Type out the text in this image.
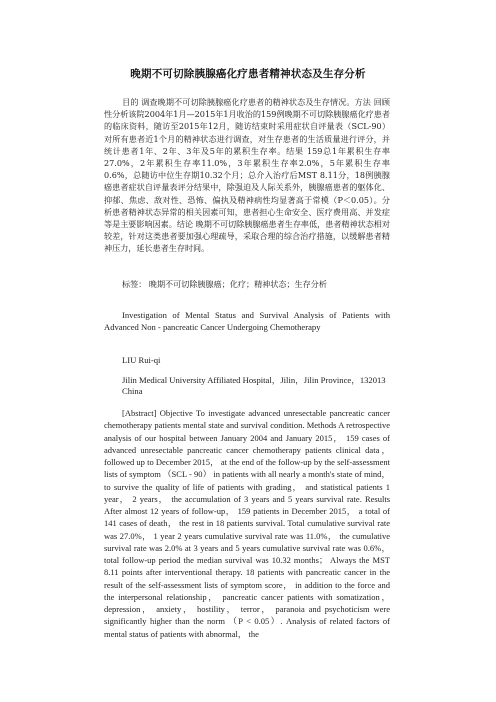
晚期不可切除胰腺癌化疗患者精神状态及生存分析

目的 调查晚期不可切除胰腺癌化疗患者的精神状态及生存情况。方法 回顾性分析该院2004年1月—2015年1月收治的159例晚期不可切除胰腺癌化疗患者的临床资料，随访至2015年12月，随访结束时采用症状自评量表（SCL-90）对所有患者近1个月的精神状态进行调查，对生存患者的生活质量进行评分，并统计患者1年、2年、3年及5年的累积生存率。结果 159总1年累积生存率27.0%，2年累积生存率11.0%，3年累积生存率2.0%，5年累积生存率0.6%，总随访中位生存期10.32个月；总介入治疗后MST 8.11分，18例胰腺癌患者症状自评量表评分结果中，除强迫及人际关系外，胰腺癌患者的躯体化、抑郁、焦虑、敌对性、恐怖、偏执及精神病性均显著高于常模（P＜0.05）。分析患者精神状态异常的相关因素可知，患者担心生命安全、医疗费用高、并发症等是主要影响因素。结论 晚期不可切除胰腺癌患者生存率低，患者精神状态相对较差，针对这类患者要加强心理疏导，采取合理的综合治疗措施，以缓解患者精神压力，延长患者生存时间。

标签： 晚期不可切除胰腺癌；化疗；精神状态；生存分析

Investigation of Mental Status and Survival Analysis of Patients with Advanced Non - pancreatic Cancer Undergoing Chemotherapy

LIU Rui-qi
Jilin Medical University Affiliated Hospital，Jilin，Jilin Province，132013 China

[Abstract] Objective To investigate advanced unresectable pancreatic cancer chemotherapy patients mental state and survival condition. Methods A retrospective analysis of our hospital between January 2004 and January 2015， 159 cases of advanced unresectable pancreatic cancer chemotherapy patients clinical data， followed up to December 2015， at the end of the follow-up by the self-assessment lists of symptom （SCL - 90） in patients with all nearly a month's state of mind， to survive the quality of life of patients with grading， and statistical patients 1 year， 2 years， the accumulation of 3 years and 5 years survival rate. Results After almost 12 years of follow-up， 159 patients in December 2015， a total of 141 cases of death， the rest in 18 patients survival. Total cumulative survival rate was 27.0%， 1 year 2 years cumulative survival rate was 11.0%， the cumulative survival rate was 2.0% at 3 years and 5 years cumulative survival rate was 0.6%， total follow-up period the median survival was 10.32 months； Always the MST 8.11 points after interventional therapy. 18 patients with pancreatic cancer in the result of the self-assessment lists of symptom score， in addition to the force and the interpersonal relationship， pancreatic cancer patients with somatization， depression， anxiety， hostility， terror， paranoia and psychoticism were significantly higher than the norm （P < 0.05）. Analysis of related factors of mental status of patients with abnormal， the
